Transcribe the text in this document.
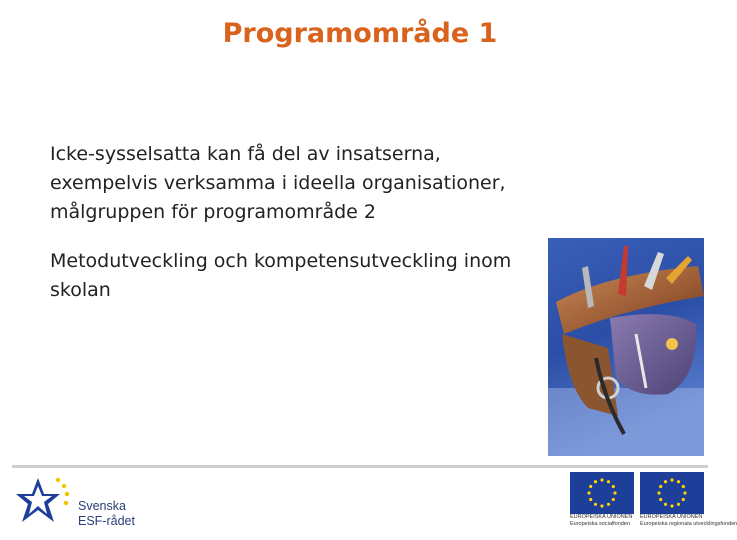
Programområde 1

Icke-sysselsatta kan få del av insatserna, exempelvis verksamma i ideella organisationer, målgruppen för programområde 2

Metodutveckling och kompetensutveckling inom skolan

Svenska
ESF-rådet	EUROPEISKA UNIONEN
Europeiska socialfonden
EUROPEISKA UNIONEN
Europeiska regionala utvecklingsfonden
